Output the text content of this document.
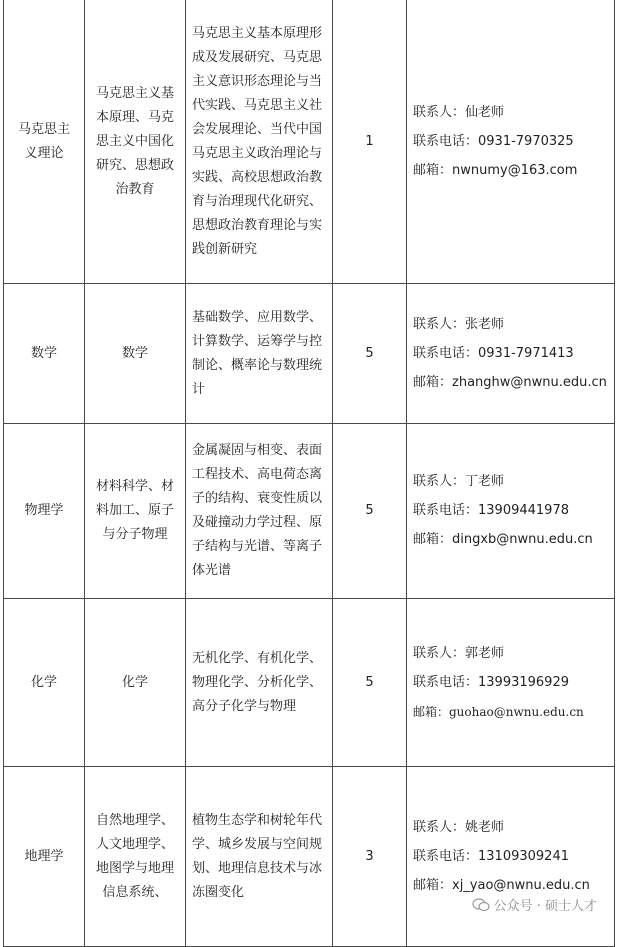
马克思主义理论	马克思主义基本原理、马克思主义中国化研究、思想政治教育	马克思主义基本原理形成及发展研究、马克思主义意识形态理论与当代实践、马克思主义社会发展理论、当代中国马克思主义政治理论与实践、高校思想政治教育与治理现代化研究、思想政治教育理论与实践创新研究	1	联系人：仙老师
联系电话：0931-7970325
邮箱：nwnumy@163.com

数学	数学	基础数学、应用数学、计算数学、运筹学与控制论、概率论与数理统计	5	联系人：张老师
联系电话：0931-7971413
邮箱：zhanghw@nwnu.edu.cn

物理学	材料科学、材料加工、原子与分子物理	金属凝固与相变、表面工程技术、高电荷态离子的结构、衰变性质以及碰撞动力学过程、原子结构与光谱、等离子体光谱	5	联系人：丁老师
联系电话：13909441978
邮箱：dingxb@nwnu.edu.cn

化学	化学	无机化学、有机化学、物理化学、分析化学、高分子化学与物理	5	联系人：郭老师
联系电话：13993196929
邮箱：guohao@nwnu.edu.cn

地理学	自然地理学、人文地理学、地图学与地理信息系统、	植物生态学和树轮年代学、城乡发展与空间规划、地理信息技术与冰冻圈变化	3	联系人：姚老师
联系电话：13109309241
邮箱：xj_yao@nwnu.edu.cn
公众号 · 硕士人才
